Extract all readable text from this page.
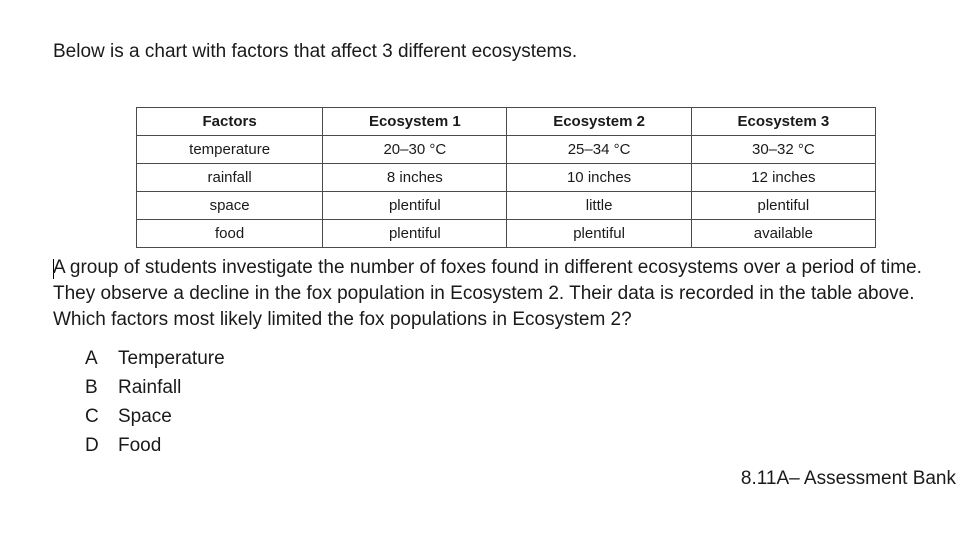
Below is a chart with factors that affect 3 different ecosystems.
Factors	Ecosystem 1	Ecosystem 2	Ecosystem 3
temperature	20–30 °C	25–34 °C	30–32 °C
rainfall	8 inches	10 inches	12 inches
space	plentiful	little	plentiful
food	plentiful	plentiful	available
A group of students investigate the number of foxes found in different ecosystems over a period of time. They observe a decline in the fox population in Ecosystem 2. Their data is recorded in the table above. Which factors most likely limited the fox populations in Ecosystem 2?
A Temperature
B Rainfall
C Space
D Food
8.11A– Assessment Bank
